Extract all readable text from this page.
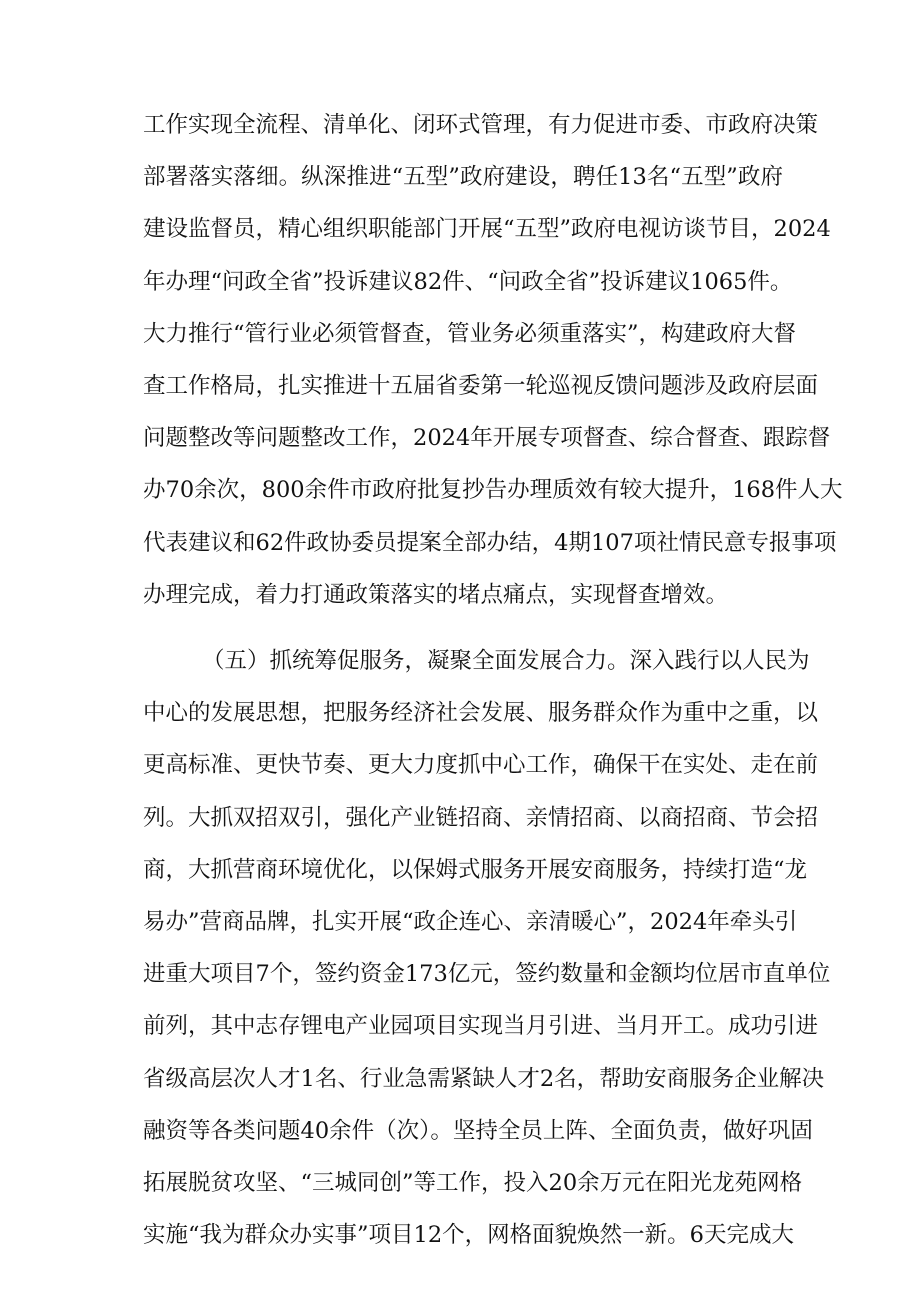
工作实现全流程、清单化、闭环式管理，有力促进市委、市政府决策

部署落实落细。纵深推进“五型”政府建设，聘任13名“五型”政府

建设监督员，精心组织职能部门开展“五型”政府电视访谈节目，2024

年办理“问政全省”投诉建议82件、“问政全省”投诉建议1065件。

大力推行“管行业必须管督查，管业务必须重落实”，构建政府大督

查工作格局，扎实推进十五届省委第一轮巡视反馈问题涉及政府层面

问题整改等问题整改工作，2024年开展专项督查、综合督查、跟踪督

办70余次，800余件市政府批复抄告办理质效有较大提升，168件人大

代表建议和62件政协委员提案全部办结，4期107项社情民意专报事项

办理完成，着力打通政策落实的堵点痛点，实现督查增效。

（五）抓统筹促服务，凝聚全面发展合力。深入践行以人民为

中心的发展思想，把服务经济社会发展、服务群众作为重中之重，以

更高标准、更快节奏、更大力度抓中心工作，确保干在实处、走在前

列。大抓双招双引，强化产业链招商、亲情招商、以商招商、节会招

商，大抓营商环境优化，以保姆式服务开展安商服务，持续打造“龙

易办”营商品牌，扎实开展“政企连心、亲清暖心”，2024年牵头引

进重大项目7个，签约资金173亿元，签约数量和金额均位居市直单位

前列，其中志存锂电产业园项目实现当月引进、当月开工。成功引进

省级高层次人才1名、行业急需紧缺人才2名，帮助安商服务企业解决

融资等各类问题40余件（次）。坚持全员上阵、全面负责，做好巩固

拓展脱贫攻坚、“三城同创”等工作，投入20余万元在阳光龙苑网格

实施“我为群众办实事”项目12个，网格面貌焕然一新。6天完成大
